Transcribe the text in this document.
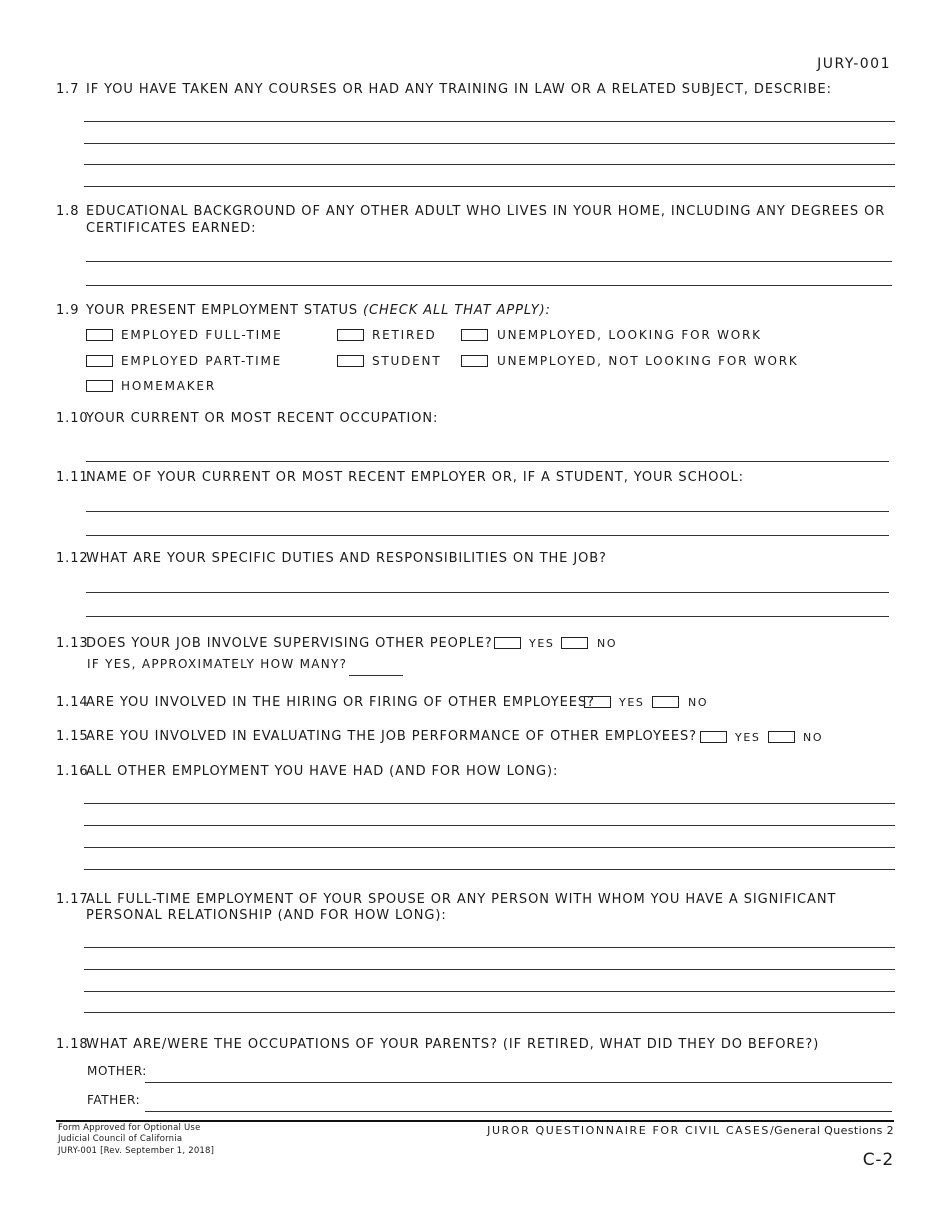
JURY-001
1.7 IF YOU HAVE TAKEN ANY COURSES OR HAD ANY TRAINING IN LAW OR A RELATED SUBJECT, DESCRIBE:
1.8 EDUCATIONAL BACKGROUND OF ANY OTHER ADULT WHO LIVES IN YOUR HOME, INCLUDING ANY DEGREES OR
CERTIFICATES EARNED:
1.9 YOUR PRESENT EMPLOYMENT STATUS (CHECK ALL THAT APPLY):
EMPLOYED FULL-TIME	RETIRED	UNEMPLOYED, LOOKING FOR WORK
EMPLOYED PART-TIME	STUDENT	UNEMPLOYED, NOT LOOKING FOR WORK
HOMEMAKER
1.10
YOUR CURRENT OR MOST RECENT OCCUPATION:
1.11
NAME OF YOUR CURRENT OR MOST RECENT EMPLOYER OR, IF A STUDENT, YOUR SCHOOL:
1.12
WHAT ARE YOUR SPECIFIC DUTIES AND RESPONSIBILITIES ON THE JOB?
1.13
DOES YOUR JOB INVOLVE SUPERVISING OTHER PEOPLE?	YES	NO
IF YES, APPROXIMATELY HOW MANY?
1.14
ARE YOU INVOLVED IN THE HIRING OR FIRING OF OTHER EMPLOYEES? YES	NO
1.15
ARE YOU INVOLVED IN EVALUATING THE JOB PERFORMANCE OF OTHER EMPLOYEES?	YES	NO
1.16
ALL OTHER EMPLOYMENT YOU HAVE HAD (AND FOR HOW LONG):
1.17
ALL FULL-TIME EMPLOYMENT OF YOUR SPOUSE OR ANY PERSON WITH WHOM YOU HAVE A SIGNIFICANT
PERSONAL RELATIONSHIP (AND FOR HOW LONG):
1.18
WHAT ARE/WERE THE OCCUPATIONS OF YOUR PARENTS? (IF RETIRED, WHAT DID THEY DO BEFORE?)
MOTHER:
FATHER:
Form Approved for Optional Use
Judicial Council of California
JURY-001 [Rev. September 1, 2018]
JUROR QUESTIONNAIRE FOR CIVIL CASES/General Questions 2
C-2
